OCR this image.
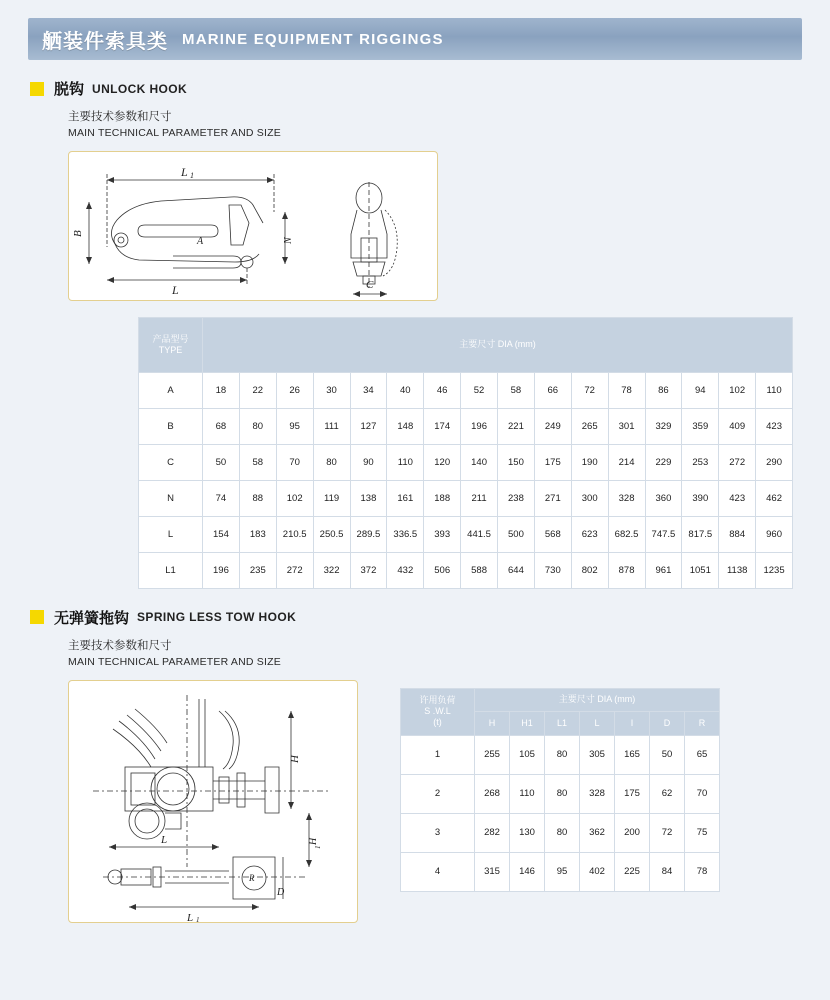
舾装件索具类 MARINE EQUIPMENT RIGGINGS
脱钩 UNLOCK HOOK
主要技术参数和尺寸
MAIN TECHNICAL PARAMETER AND SIZE
L 1
L
B
N
C
A
产品型号
TYPE	主要尺寸 DIA (mm)															
A	18	22	26	30	34	40	46	52	58	66	72	78	86	94	102	110
B	68	80	95	111	127	148	174	196	221	249	265	301	329	359	409	423
C	50	58	70	80	90	110	120	140	150	175	190	214	229	253	272	290
N	74	88	102	119	138	161	188	211	238	271	300	328	360	390	423	462
L	154	183	210.5	250.5	289.5	336.5	393	441.5	500	568	623	682.5	747.5	817.5	884	960
L1	196	235	272	322	372	432	506	588	644	730	802	878	961	1051	1138	1235
无弹簧拖钩 SPRING LESS TOW HOOK
主要技术参数和尺寸
MAIN TECHNICAL PARAMETER AND SIZE
L
L 1
H
H
1
D
R
许用负荷
S .W.L
(t)	主要尺寸 DIA (mm)						
	H	H1	L1	L	I	D	R
1	255	105	80	305	165	50	65
2	268	110	80	328	175	62	70
3	282	130	80	362	200	72	75
4	315	146	95	402	225	84	78
